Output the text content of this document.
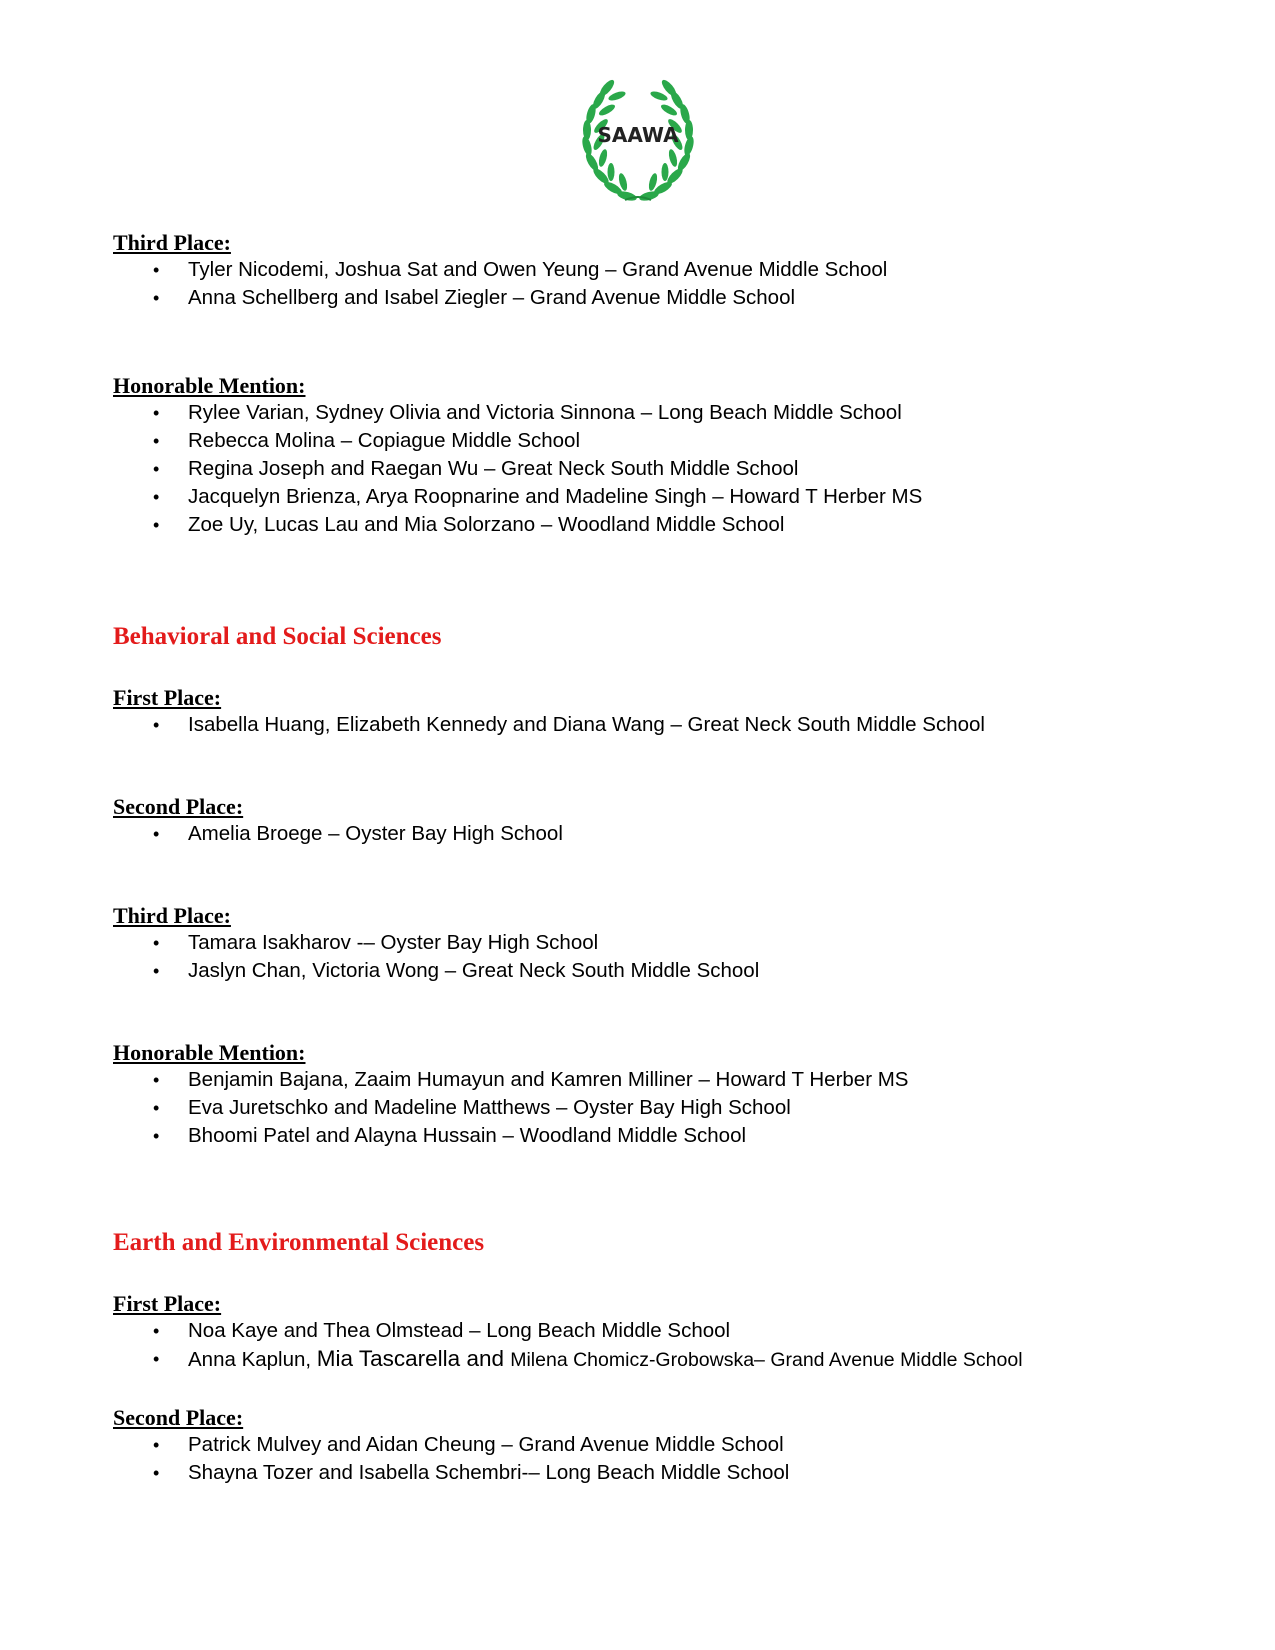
SAAWA

Third Place:

• Tyler Nicodemi, Joshua Sat and Owen Yeung – Grand Avenue Middle School
• Anna Schellberg and Isabel Ziegler – Grand Avenue Middle School

Honorable Mention:

• Rylee Varian, Sydney Olivia and Victoria Sinnona – Long Beach Middle School
• Rebecca Molina – Copiague Middle School
• Regina Joseph and Raegan Wu – Great Neck South Middle School
• Jacquelyn Brienza, Arya Roopnarine and Madeline Singh – Howard T Herber MS
• Zoe Uy, Lucas Lau and Mia Solorzano – Woodland Middle School

Behavioral and Social Sciences

First Place:

• Isabella Huang, Elizabeth Kennedy and Diana Wang – Great Neck South Middle School

Second Place:

• Amelia Broege – Oyster Bay High School

Third Place:

• Tamara Isakharov -– Oyster Bay High School
• Jaslyn Chan, Victoria Wong – Great Neck South Middle School

Honorable Mention:

• Benjamin Bajana, Zaaim Humayun and Kamren Milliner – Howard T Herber MS
• Eva Juretschko and Madeline Matthews – Oyster Bay High School
• Bhoomi Patel and Alayna Hussain – Woodland Middle School

Earth and Environmental Sciences

First Place:

• Noa Kaye and Thea Olmstead – Long Beach Middle School
• Anna Kaplun, Mia Tascarella and Milena Chomicz-Grobowska– Grand Avenue Middle School

Second Place:

• Patrick Mulvey and Aidan Cheung – Grand Avenue Middle School
• Shayna Tozer and Isabella Schembri-– Long Beach Middle School
